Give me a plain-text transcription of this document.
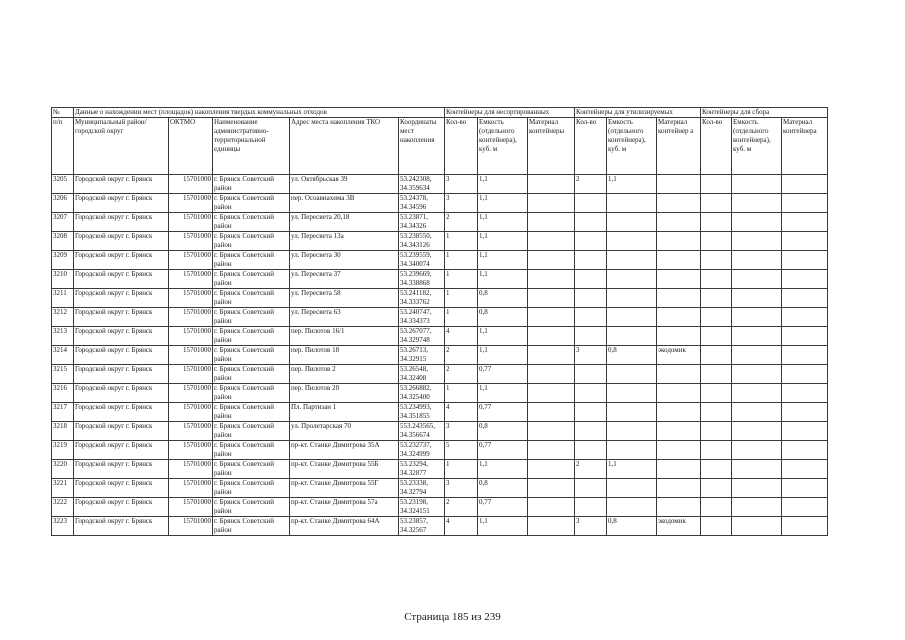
№	Данные о нахождении мест (площадок) накопления твердых коммунальных отходов					Контейнеры для несортированных			Контейнеры для утилизируемых			Контейнеры для сбора		
п/п	Муниципальный район/городской округ	ОКТМО	Наименование административно-территориальной единицы	Адрес места накопления ТКО	Координаты мест накопления	Кол-во	Емкость (отдельного контейнера), куб. м	Материал контейнеры	Кол-во	Емкость (отдельного контейнера), куб. м	Материал контейнер а	Кол-во	Емкость (отдельного контейнера), куб. м	Материал контейнера
3205	Городской округ г. Брянск	15701000	г. Брянск Советский район	ул. Октябрьская 39	53.242308, 34.359634	3	1,1		2	1,1				
3206	Городской округ г. Брянск	15701000	г. Брянск Советский район	пер. Осоавиахима 3В	53.24378, 34.34596	3	1,1							
3207	Городской округ г. Брянск	15701000	г. Брянск Советский район	ул. Пересвета 20,18	53.23871, 34.34326	2	1,1							
3208	Городской округ г. Брянск	15701000	г. Брянск Советский район	ул. Пересвета 13а	53.238550, 34.343126	1	1,1							
3209	Городской округ г. Брянск	15701000	г. Брянск Советский район	ул. Пересвета 30	53.239559, 34.340074	1	1,1							
3210	Городской округ г. Брянск	15701000	г. Брянск Советский район	ул. Пересвета 37	53.239669, 34.338868	1	1,1							
3211	Городской округ г. Брянск	15701000	г. Брянск Советский район	ул. Пересвета 58	53.241182, 34.333762	1	0,8							
3212	Городской округ г. Брянск	15701000	г. Брянск Советский район	ул. Пересвета 63	53.240747, 34.334373	1	0,8							
3213	Городской округ г. Брянск	15701000	г. Брянск Советский район	пер. Пилотов 16/1	53.267077, 34.329748	4	1,1							
3214	Городской округ г. Брянск	15701000	г. Брянск Советский район	пер. Пилотов 18	53.26713, 34.32915	2	1,1		3	0,8	экодомик			
3215	Городской округ г. Брянск	15701000	г. Брянск Советский район	пер. Пилотов 2	53.26548, 34.32408	2	0,77							
3216	Городской округ г. Брянск	15701000	г. Брянск Советский район	пер. Пилотов 20	53.266882, 34.325400	1	1,1							
3217	Городской округ г. Брянск	15701000	г. Брянск Советский район	Пл. Партизан 1	53.234993, 34.351855	4	0,77							
3218	Городской округ г. Брянск	15701000	г. Брянск Советский район	ул. Пролетарская 70	553.243565, 34.356674	3	0,8							
3219	Городской округ г. Брянск	15701000	г. Брянск Советский район	пр-кт. Станке Димитрова 35А	53.232737, 34.324999	5	0,77							
3220	Городской округ г. Брянск	15701000	г. Брянск Советский район	пр-кт. Станке Димитрова 55Б	53.23294, 34.32877	1	1,1		2	1,1				
3221	Городской округ г. Брянск	15701000	г. Брянск Советский район	пр-кт. Станке Димитрова 55Г	53.23338, 34.32794	3	0,8							
3222	Городской округ г. Брянск	15701000	г. Брянск Советский район	пр-кт. Станке Димитрова 57а	53.23198, 34.324151	2	0,77							
3223	Городской округ г. Брянск	15701000	г. Брянск Советский район	пр-кт. Станке Димитрова 64А	53.23857, 34.32567	4	1,1		3	0,8	экодомик			
Страница 185 из 239
